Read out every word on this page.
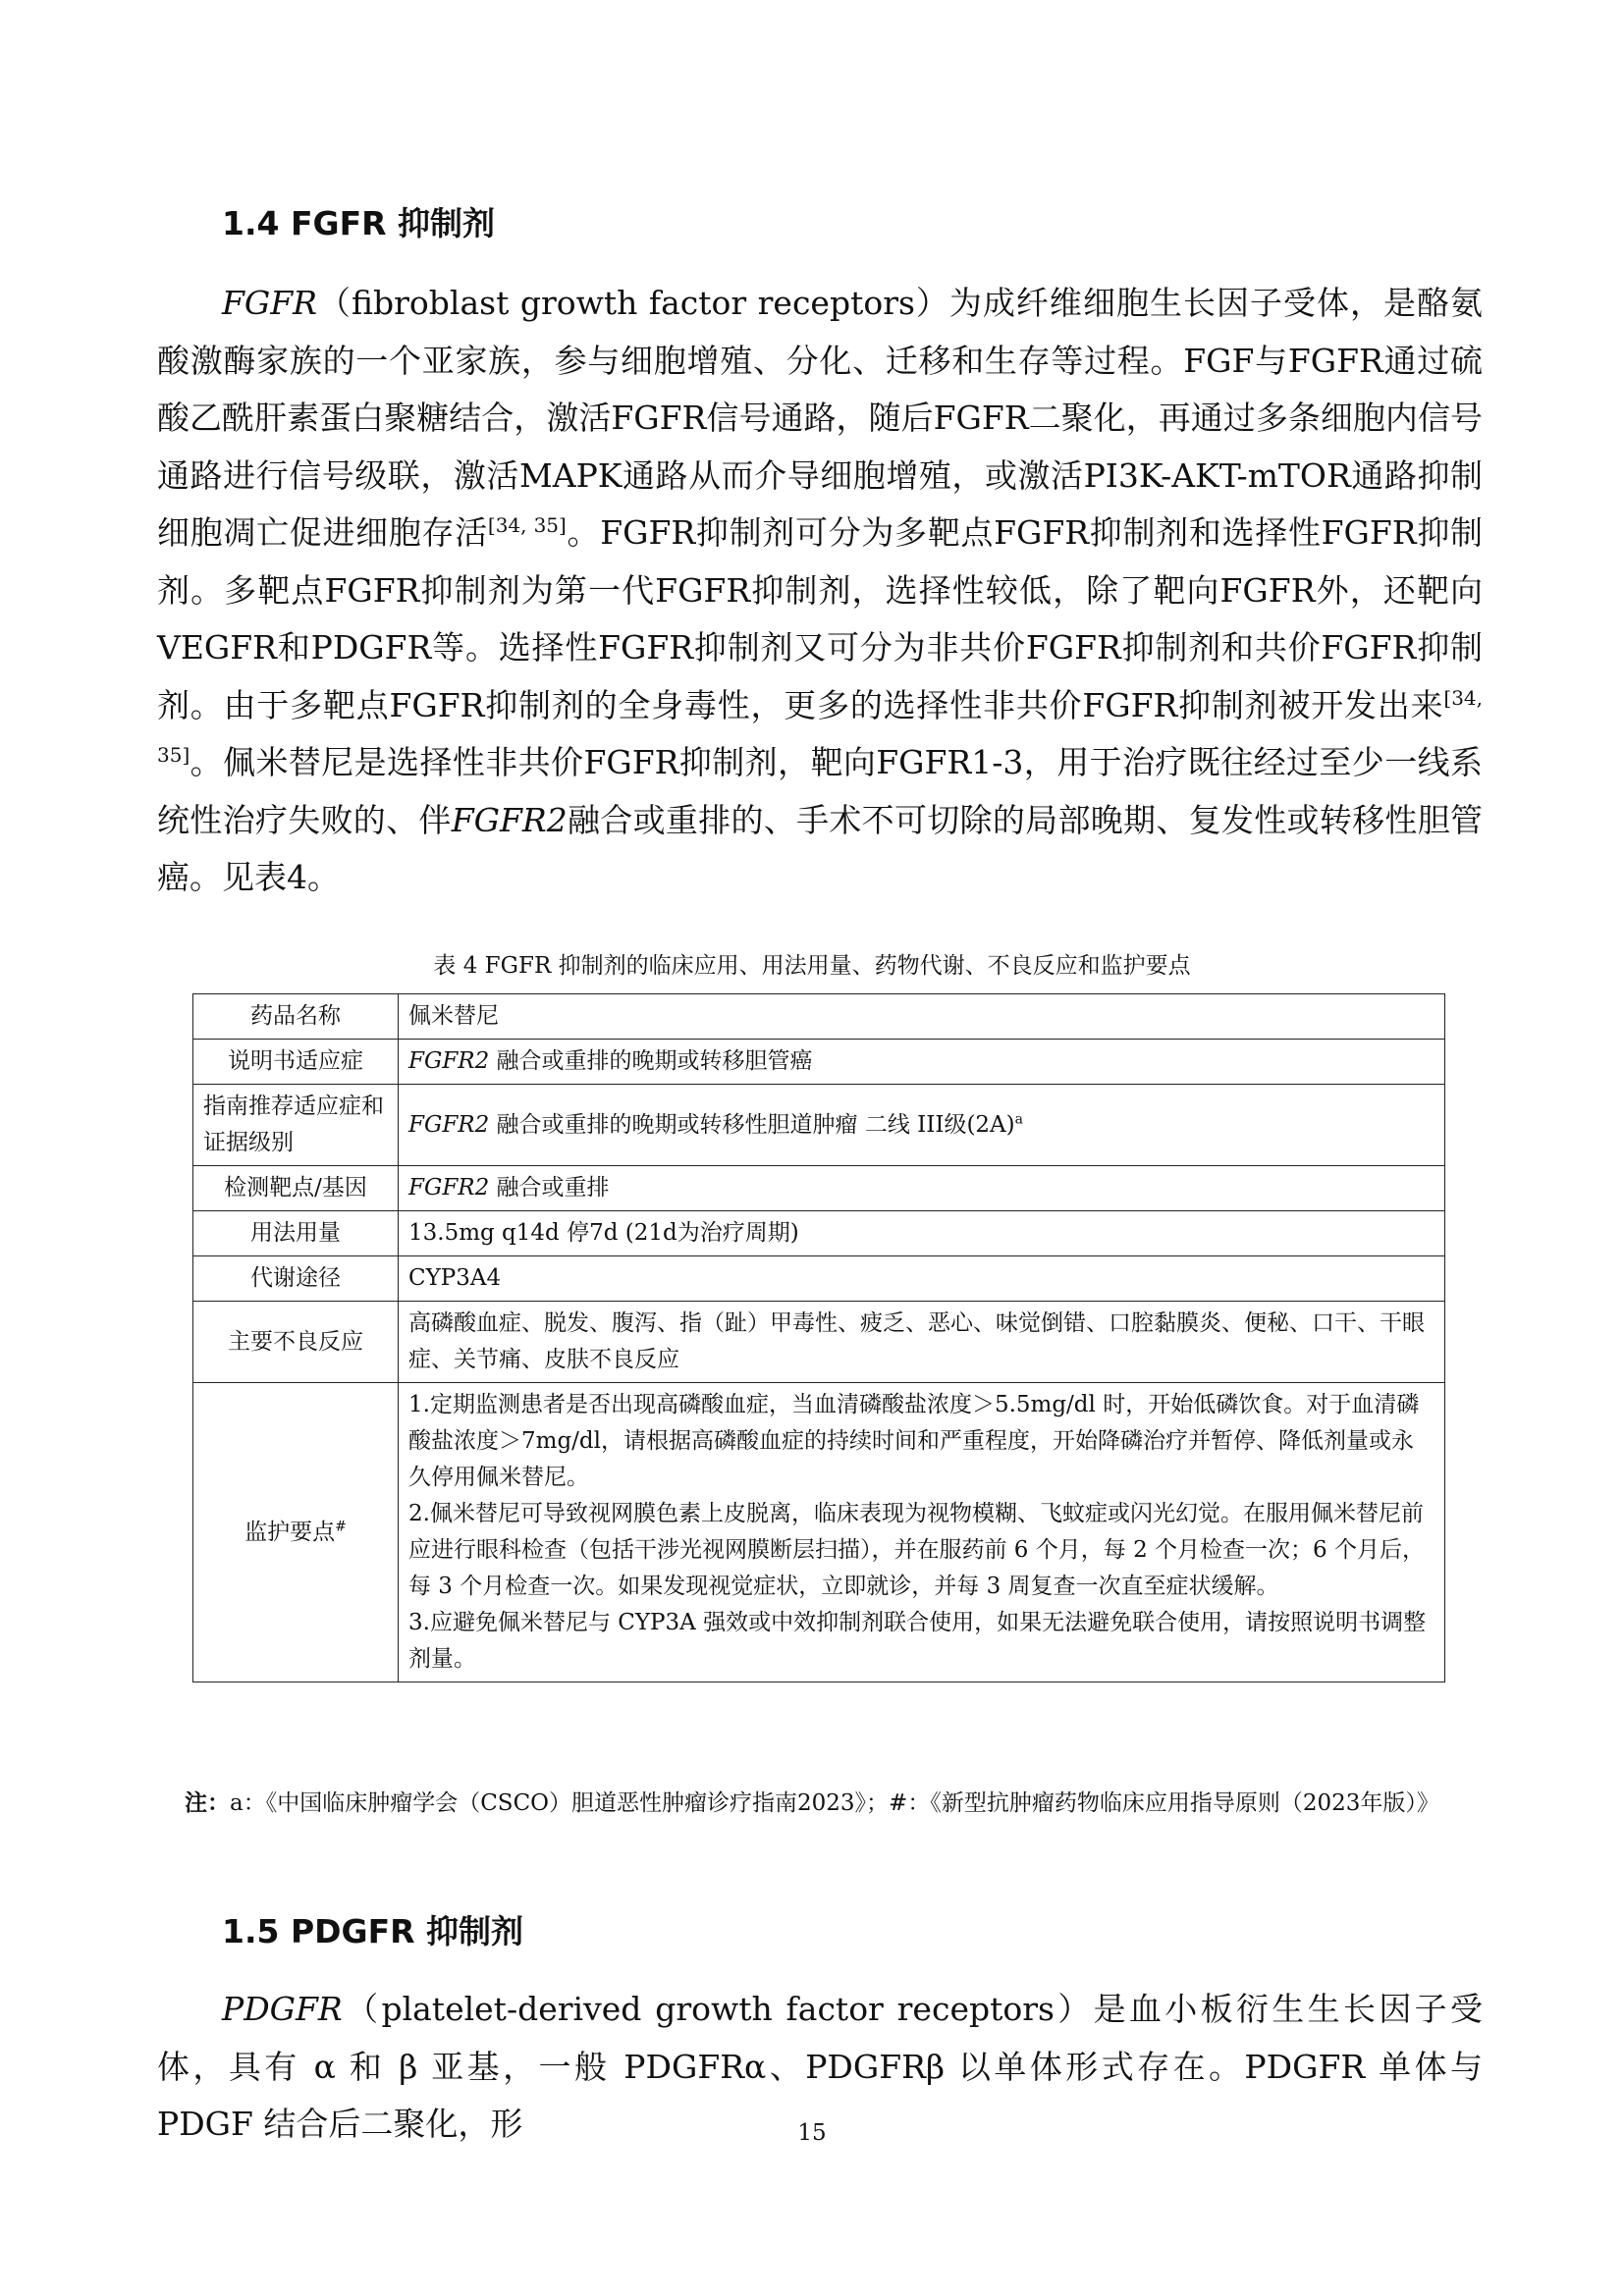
1.4 FGFR 抑制剂
FGFR（fibroblast growth factor receptors）为成纤维细胞生长因子受体，是酪氨酸激酶家族的一个亚家族，参与细胞增殖、分化、迁移和生存等过程。FGF与FGFR通过硫酸乙酰肝素蛋白聚糖结合，激活FGFR信号通路，随后FGFR二聚化，再通过多条细胞内信号通路进行信号级联，激活MAPK通路从而介导细胞增殖，或激活PI3K-AKT-mTOR通路抑制细胞凋亡促进细胞存活[34, 35]。FGFR抑制剂可分为多靶点FGFR抑制剂和选择性FGFR抑制剂。多靶点FGFR抑制剂为第一代FGFR抑制剂，选择性较低，除了靶向FGFR外，还靶向VEGFR和PDGFR等。选择性FGFR抑制剂又可分为非共价FGFR抑制剂和共价FGFR抑制剂。由于多靶点FGFR抑制剂的全身毒性，更多的选择性非共价FGFR抑制剂被开发出来[34, 35]。佩米替尼是选择性非共价FGFR抑制剂，靶向FGFR1-3，用于治疗既往经过至少一线系统性治疗失败的、伴FGFR2融合或重排的、手术不可切除的局部晚期、复发性或转移性胆管癌。见表4。
表 4 FGFR 抑制剂的临床应用、用法用量、药物代谢、不良反应和监护要点
药品名称	佩米替尼
说明书适应症	FGFR2 融合或重排的晚期或转移胆管癌
指南推荐适应症和证据级别	FGFR2 融合或重排的晚期或转移性胆道肿瘤 二线 III级$(2A)^a$
检测靶点/基因	FGFR2 融合或重排
用法用量	13.5mg q14d 停7d (21d为治疗周期)
代谢途径	CYP3A4
主要不良反应	高磷酸血症、脱发、腹泻、指（趾）甲毒性、疲乏、恶心、味觉倒错、口腔黏膜炎、便秘、口干、干眼症、关节痛、皮肤不良反应
监护要点#	1.定期监测患者是否出现高磷酸血症，当血清磷酸盐浓度＞5.5mg/dl 时，开始低磷饮食。对于血清磷酸盐浓度＞7mg/dl，请根据高磷酸血症的持续时间和严重程度，开始降磷治疗并暂停、降低剂量或永久停用佩米替尼。
2.佩米替尼可导致视网膜色素上皮脱离，临床表现为视物模糊、飞蚊症或闪光幻觉。在服用佩米替尼前应进行眼科检查（包括干涉光视网膜断层扫描），并在服药前 6 个月，每 2 个月检查一次；6 个月后，每 3 个月检查一次。如果发现视觉症状，立即就诊，并每 3 周复查一次直至症状缓解。
3.应避免佩米替尼与 CYP3A 强效或中效抑制剂联合使用，如果无法避免联合使用，请按照说明书调整剂量。
注：a：《中国临床肿瘤学会（CSCO）胆道恶性肿瘤诊疗指南2023》；#：《新型抗肿瘤药物临床应用指导原则（2023年版）》
1.5 PDGFR 抑制剂
PDGFR（platelet-derived growth factor receptors）是血小板衍生生长因子受体，具有 α 和 β 亚基，一般 PDGFRα、PDGFRβ 以单体形式存在。PDGFR 单体与 PDGF 结合后二聚化，形	15
